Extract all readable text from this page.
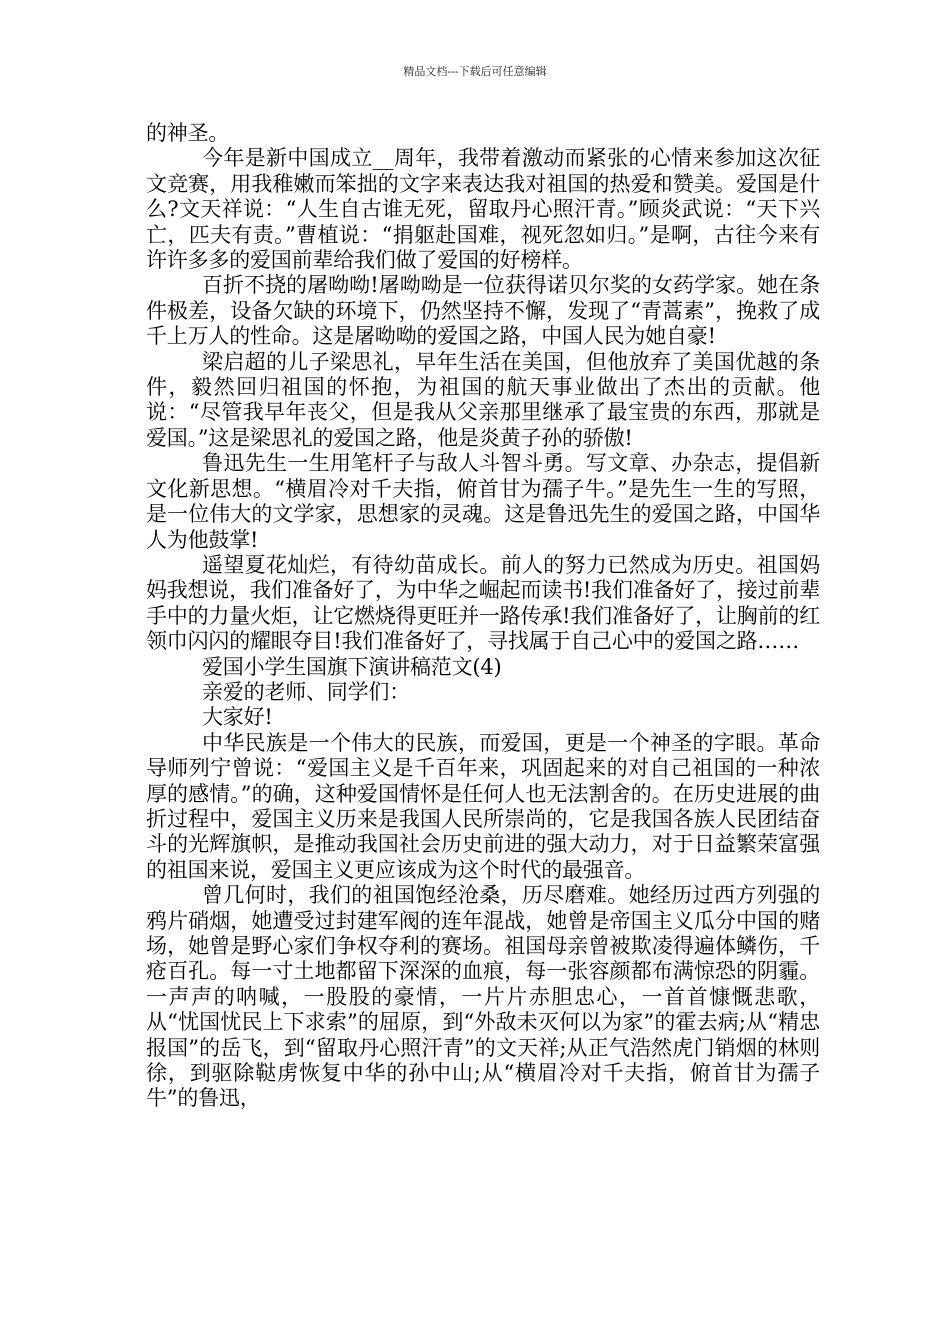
精品文档---下载后可任意编辑

的神圣。

今年是新中国成立__周年，我带着激动而紧张的心情来参加这次征文竞赛，用我稚嫩而笨拙的文字来表达我对祖国的热爱和赞美。爱国是什么?文天祥说：“人生自古谁无死，留取丹心照汗青。”顾炎武说：“天下兴亡，匹夫有责。”曹植说：“捐躯赴国难，视死忽如归。”是啊，古往今来有许许多多的爱国前辈给我们做了爱国的好榜样。

百折不挠的屠呦呦!屠呦呦是一位获得诺贝尔奖的女药学家。她在条件极差，设备欠缺的环境下，仍然坚持不懈，发现了“青蒿素”，挽救了成千上万人的性命。这是屠呦呦的爱国之路，中国人民为她自豪!

梁启超的儿子梁思礼，早年生活在美国，但他放弃了美国优越的条件，毅然回归祖国的怀抱，为祖国的航天事业做出了杰出的贡献。他说：“尽管我早年丧父，但是我从父亲那里继承了最宝贵的东西，那就是爱国。”这是梁思礼的爱国之路，他是炎黄子孙的骄傲!

鲁迅先生一生用笔杆子与敌人斗智斗勇。写文章、办杂志，提倡新文化新思想。“横眉冷对千夫指，俯首甘为孺子牛。”是先生一生的写照，是一位伟大的文学家，思想家的灵魂。这是鲁迅先生的爱国之路，中国华人为他鼓掌!

遥望夏花灿烂，有待幼苗成长。前人的努力已然成为历史。祖国妈妈我想说，我们准备好了，为中华之崛起而读书!我们准备好了，接过前辈手中的力量火炬，让它燃烧得更旺并一路传承!我们准备好了，让胸前的红领巾闪闪的耀眼夺目!我们准备好了，寻找属于自己心中的爱国之路……

爱国小学生国旗下演讲稿范文(4)

亲爱的老师、同学们：

大家好!

中华民族是一个伟大的民族，而爱国，更是一个神圣的字眼。革命导师列宁曾说：“爱国主义是千百年来，巩固起来的对自己祖国的一种浓厚的感情。”的确，这种爱国情怀是任何人也无法割舍的。在历史进展的曲折过程中，爱国主义历来是我国人民所崇尚的，它是我国各族人民团结奋斗的光辉旗帜，是推动我国社会历史前进的强大动力，对于日益繁荣富强的祖国来说，爱国主义更应该成为这个时代的最强音。

曾几何时，我们的祖国饱经沧桑，历尽磨难。她经历过西方列强的鸦片硝烟，她遭受过封建军阀的连年混战，她曾是帝国主义瓜分中国的赌场，她曾是野心家们争权夺利的赛场。祖国母亲曾被欺凌得遍体鳞伤，千疮百孔。每一寸土地都留下深深的血痕，每一张容颜都布满惊恐的阴霾。一声声的呐喊，一股股的豪情，一片片赤胆忠心，一首首慷慨悲歌，从“忧国忧民上下求索”的屈原，到“外敌未灭何以为家”的霍去病;从“精忠报国”的岳飞，到“留取丹心照汗青”的文天祥;从正气浩然虎门销烟的林则徐，到驱除鞑虏恢复中华的孙中山;从“横眉冷对千夫指，俯首甘为孺子牛”的鲁迅，
